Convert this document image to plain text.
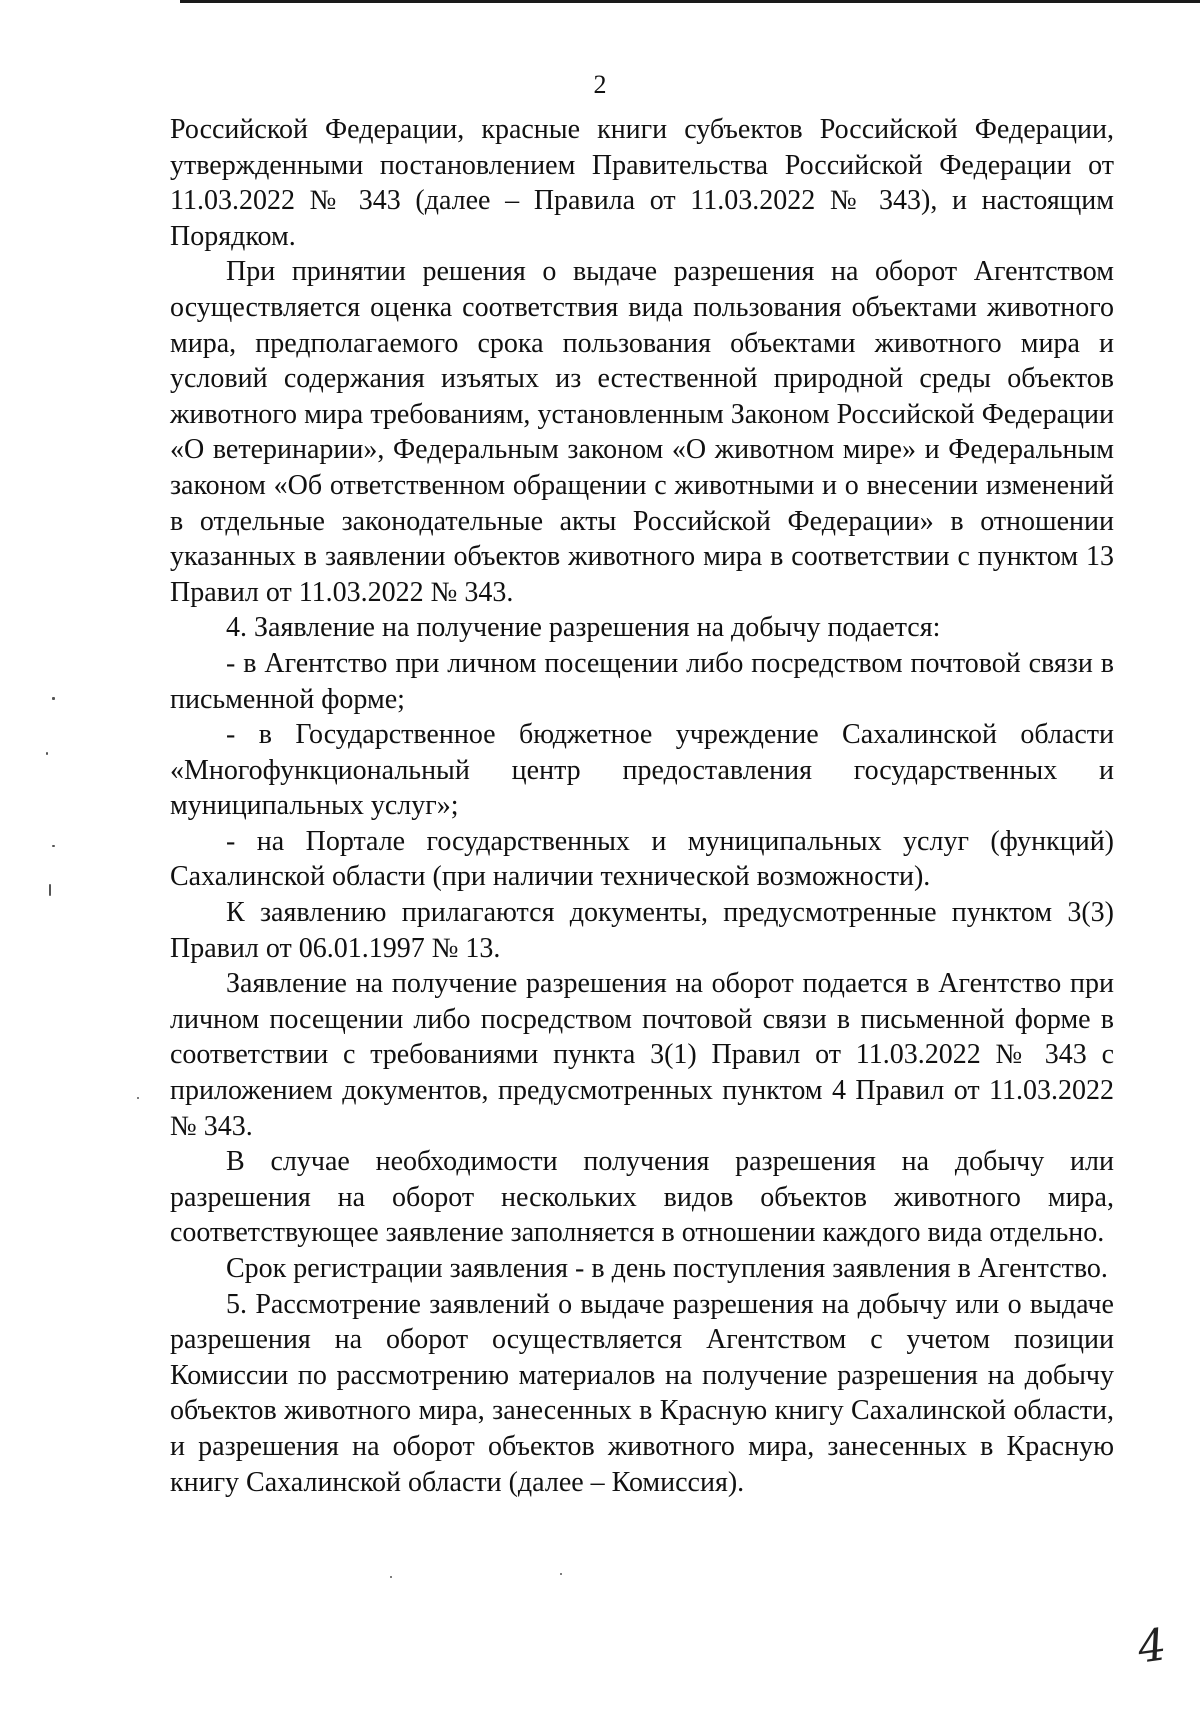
2

Российской Федерации, красные книги субъектов Российской Федерации, утвержденными постановлением Правительства Российской Федерации от 11.03.2022 № 343 (далее – Правила от 11.03.2022 № 343), и настоящим Порядком.

При принятии решения о выдаче разрешения на оборот Агентством осуществляется оценка соответствия вида пользования объектами животного мира, предполагаемого срока пользования объектами животного мира и условий содержания изъятых из естественной природной среды объектов животного мира требованиям, установленным Законом Российской Федерации «О ветеринарии», Федеральным законом «О животном мире» и Федеральным законом «Об ответственном обращении с животными и о внесении изменений в отдельные законодательные акты Российской Федерации» в отношении указанных в заявлении объектов животного мира в соответствии с пунктом 13 Правил от 11.03.2022 № 343.

4. Заявление на получение разрешения на добычу подается:

- в Агентство при личном посещении либо посредством почтовой связи в письменной форме;

- в Государственное бюджетное учреждение Сахалинской области «Многофункциональный центр предоставления государственных и муниципальных услуг»;

- на Портале государственных и муниципальных услуг (функций) Сахалинской области (при наличии технической возможности).

К заявлению прилагаются документы, предусмотренные пунктом 3(3) Правил от 06.01.1997 № 13.

Заявление на получение разрешения на оборот подается в Агентство при личном посещении либо посредством почтовой связи в письменной форме в соответствии с требованиями пункта 3(1) Правил от 11.03.2022 № 343 с приложением документов, предусмотренных пунктом 4 Правил от 11.03.2022 № 343.

В случае необходимости получения разрешения на добычу или разрешения на оборот нескольких видов объектов животного мира, соответствующее заявление заполняется в отношении каждого вида отдельно.

Срок регистрации заявления - в день поступления заявления в Агентство.

5. Рассмотрение заявлений о выдаче разрешения на добычу или о выдаче разрешения на оборот осуществляется Агентством с учетом позиции Комиссии по рассмотрению материалов на получение разрешения на добычу объектов животного мира, занесенных в Красную книгу Сахалинской области, и разрешения на оборот объектов животного мира, занесенных в Красную книгу Сахалинской области (далее – Комиссия).

4
